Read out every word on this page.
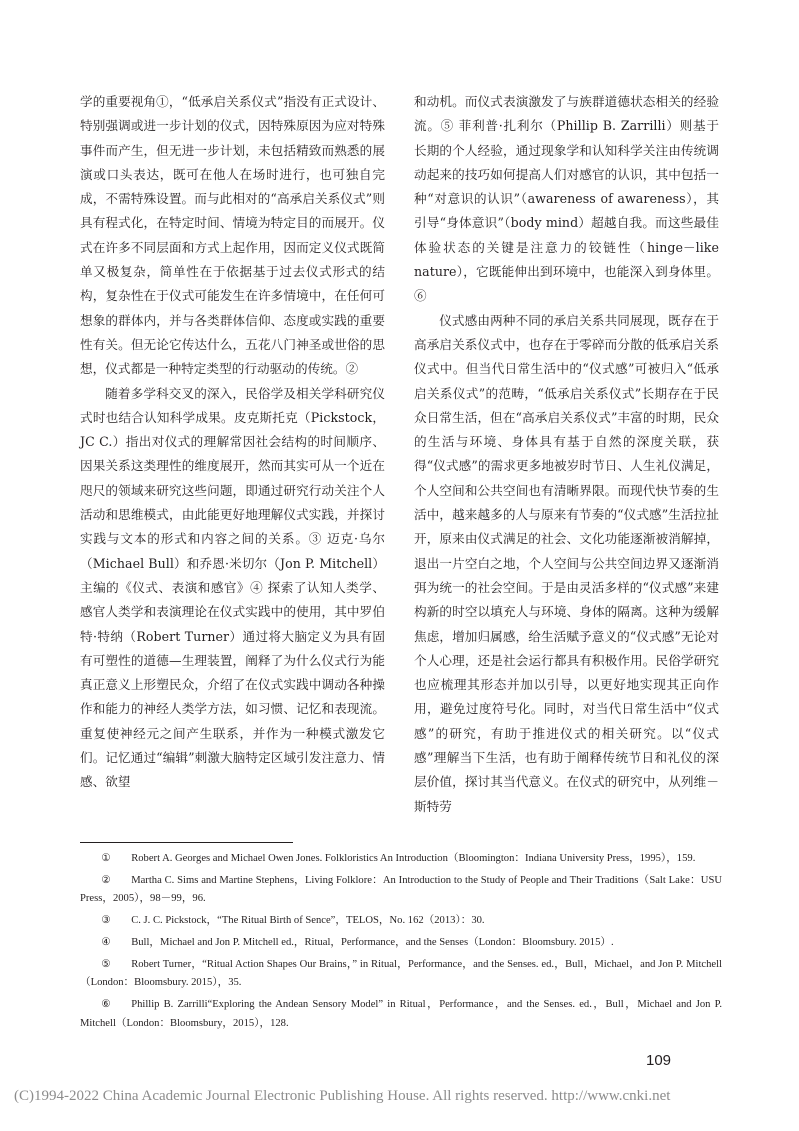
学的重要视角①，“低承启关系仪式”指没有正式设计、特别强调或进一步计划的仪式，因特殊原因为应对特殊事件而产生，但无进一步计划，未包括精致而熟悉的展演或口头表达，既可在他人在场时进行，也可独自完成，不需特殊设置。而与此相对的“高承启关系仪式”则具有程式化，在特定时间、情境为特定目的而展开。仪式在许多不同层面和方式上起作用，因而定义仪式既简单又极复杂，简单性在于依据基于过去仪式形式的结构，复杂性在于仪式可能发生在许多情境中，在任何可想象的群体内，并与各类群体信仰、态度或实践的重要性有关。但无论它传达什么，五花八门神圣或世俗的思想，仪式都是一种特定类型的行动驱动的传统。②

随着多学科交叉的深入，民俗学及相关学科研究仪式时也结合认知科学成果。皮克斯托克（Pickstock，JC C.）指出对仪式的理解常因社会结构的时间顺序、因果关系这类理性的维度展开，然而其实可从一个近在咫尺的领域来研究这些问题，即通过研究行动关注个人活动和思维模式，由此能更好地理解仪式实践，并探讨实践与文本的形式和内容之间的关系。③ 迈克·乌尔（Michael Bull）和乔恩·米切尔（Jon P. Mitchell）主编的《仪式、表演和感官》④ 探索了认知人类学、感官人类学和表演理论在仪式实践中的使用，其中罗伯特·特纳（Robert Turner）通过将大脑定义为具有固有可塑性的道德—生理装置，阐释了为什么仪式行为能真正意义上形塑民众，介绍了在仪式实践中调动各种操作和能力的神经人类学方法，如习惯、记忆和表现流。重复使神经元之间产生联系，并作为一种模式激发它们。记忆通过“编辑”刺激大脑特定区域引发注意力、情感、欲望

和动机。而仪式表演激发了与族群道德状态相关的经验流。⑤ 菲利普·扎利尔（Phillip B. Zarrilli）则基于长期的个人经验，通过现象学和认知科学关注由传统调动起来的技巧如何提高人们对感官的认识，其中包括一种“对意识的认识”（awareness of awareness），其引导“身体意识”（body mind）超越自我。而这些最佳体验状态的关键是注意力的铰链性（hinge－like nature），它既能伸出到环境中，也能深入到身体里。⑥

仪式感由两种不同的承启关系共同展现，既存在于高承启关系仪式中，也存在于零碎而分散的低承启关系仪式中。但当代日常生活中的“仪式感”可被归入“低承启关系仪式”的范畴，“低承启关系仪式”长期存在于民众日常生活，但在“高承启关系仪式”丰富的时期，民众的生活与环境、身体具有基于自然的深度关联，获得“仪式感”的需求更多地被岁时节日、人生礼仪满足，个人空间和公共空间也有清晰界限。而现代快节奏的生活中，越来越多的人与原来有节奏的“仪式感”生活拉扯开，原来由仪式满足的社会、文化功能逐渐被消解掉，退出一片空白之地，个人空间与公共空间边界又逐渐消弭为统一的社会空间。于是由灵活多样的“仪式感”来建构新的时空以填充人与环境、身体的隔离。这种为缓解焦虑，增加归属感，给生活赋予意义的“仪式感”无论对个人心理，还是社会运行都具有积极作用。民俗学研究也应梳理其形态并加以引导，以更好地实现其正向作用，避免过度符号化。同时，对当代日常生活中“仪式感”的研究，有助于推进仪式的相关研究。以“仪式感”理解当下生活，也有助于阐释传统节日和礼仪的深层价值，探讨其当代意义。在仪式的研究中，从列维－斯特劳

① Robert A. Georges and Michael Owen Jones. Folkloristics An Introduction（Bloomington：Indiana University Press，1995），159.

② Martha C. Sims and Martine Stephens，Living Folklore：An Introduction to the Study of People and Their Traditions（Salt Lake：USU Press，2005），98－99，96.

③ C. J. C. Pickstock，“The Ritual Birth of Sence”，TELOS，No. 162（2013）：30.

④ Bull，Michael and Jon P. Mitchell ed.，Ritual，Performance，and the Senses（London：Bloomsbury. 2015）.

⑤ Robert Turner，“Ritual Action Shapes Our Brains，” in Ritual，Performance，and the Senses. ed.，Bull，Michael，and Jon P. Mitchell（London：Bloomsbury. 2015），35.

⑥ Phillip B. Zarrilli“Exploring the Andean Sensory Model” in Ritual，Performance，and the Senses. ed.，Bull，Michael and Jon P. Mitchell（London：Bloomsbury，2015），128.

109
(C)1994-2022 China Academic Journal Electronic Publishing House. All rights reserved. http://www.cnki.net
